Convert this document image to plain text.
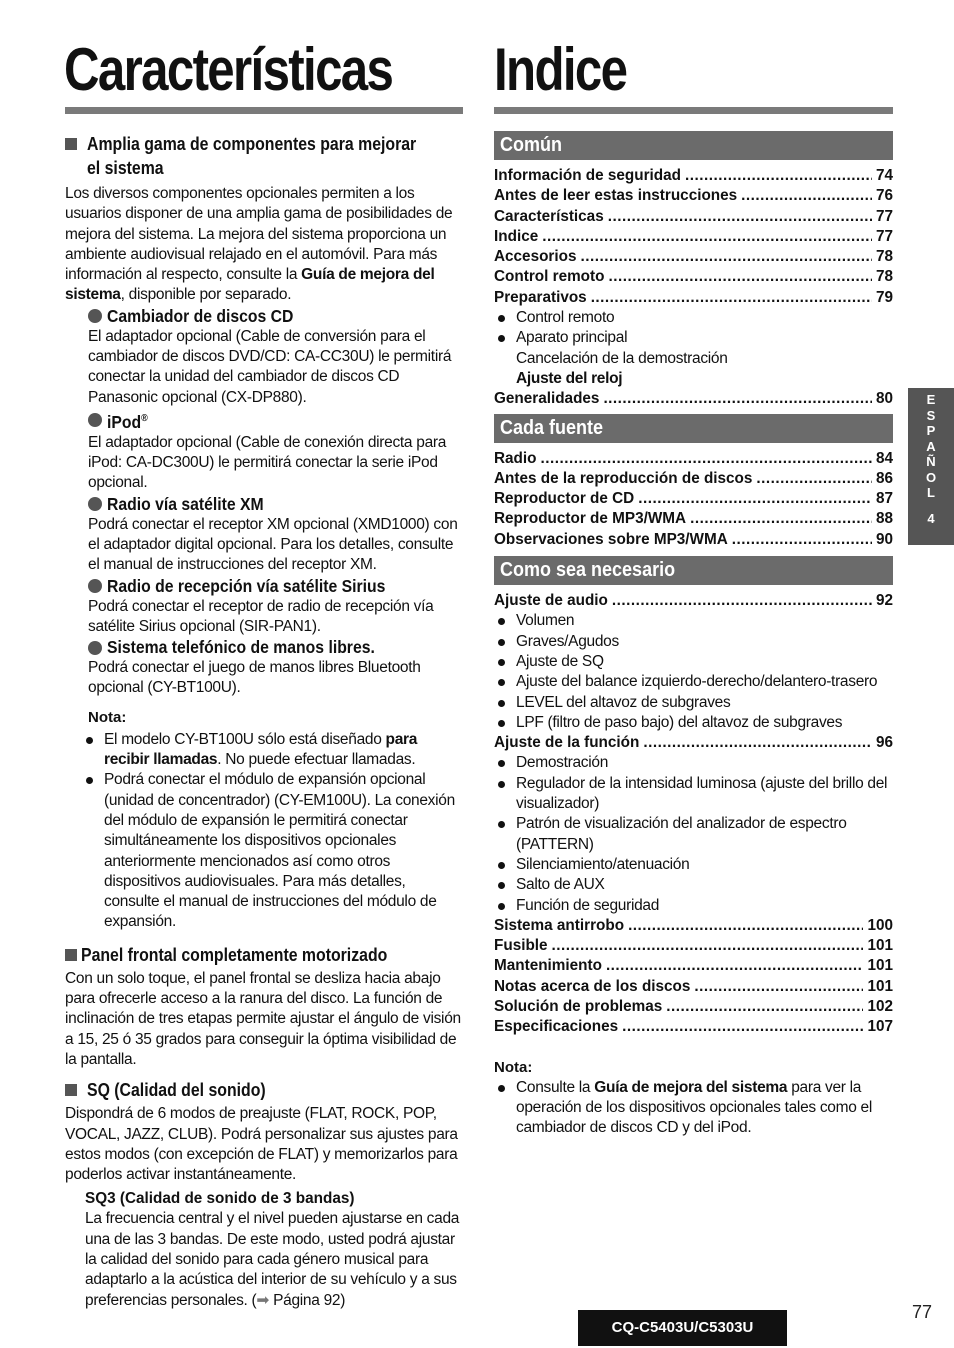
Características Indice
Amplia gama de componentes para mejorar el sistema
Los diversos componentes opcionales permiten a los usuarios disponer de una amplia gama de posibilidades de mejora del sistema. La mejora del sistema proporciona un ambiente audiovisual relajado en el automóvil. Para más información al respecto, consulte la Guía de mejora del sistema, disponible por separado.
Cambiador de discos CD
El adaptador opcional (Cable de conversión para el cambiador de discos DVD/CD: CA-CC30U) le permitirá conectar la unidad del cambiador de discos CD Panasonic opcional (CX-DP880).
iPod®
El adaptador opcional (Cable de conexión directa para iPod: CA-DC300U) le permitirá conectar la serie iPod opcional.
Radio vía satélite XM
Podrá conectar el receptor XM opcional (XMD1000) con el adaptador digital opcional. Para los detalles, consulte el manual de instrucciones del receptor XM.
Radio de recepción vía satélite Sirius
Podrá conectar el receptor de radio de recepción vía satélite Sirius opcional (SIR-PAN1).
Sistema telefónico de manos libres.
Podrá conectar el juego de manos libres Bluetooth opcional (CY-BT100U).
Nota:
El modelo CY-BT100U sólo está diseñado para recibir llamadas. No puede efectuar llamadas.
Podrá conectar el módulo de expansión opcional (unidad de concentrador) (CY-EM100U). La conexión del módulo de expansión le permitirá conectar simultáneamente los dispositivos opcionales anteriormente mencionados así como otros dispositivos audiovisuales. Para más detalles, consulte el manual de instrucciones del módulo de expansión.
Panel frontal completamente motorizado
Con un solo toque, el panel frontal se desliza hacia abajo para ofrecerle acceso a la ranura del disco. La función de inclinación de tres etapas permite ajustar el ángulo de visión a 15, 25 ó 35 grados para conseguir la óptima visibilidad de la pantalla.
SQ (Calidad del sonido)
Dispondrá de 6 modos de preajuste (FLAT, ROCK, POP, VOCAL, JAZZ, CLUB). Podrá personalizar sus ajustes para estos modos (con excepción de FLAT) y memorizarlos para poderlos activar instantáneamente.
SQ3 (Calidad de sonido de 3 bandas)
La frecuencia central y el nivel pueden ajustarse en cada una de las 3 bandas. De este modo, usted podrá ajustar la calidad del sonido para cada género musical para adaptarlo a la acústica del interior de su vehículo y a sus preferencias personales. (➡ Página 92)
Común
Información de seguridad .....	74
Antes de leer estas instrucciones .....	76
Características .....	77
Indice .....	77
Accesorios .....	78
Control remoto .....	78
Preparativos .....	79
Control remoto
Aparato principal
Cancelación de la demostración
Ajuste del reloj
Generalidades .....	80
Cada fuente
Radio .....	84
Antes de la reproducción de discos .....	86
Reproductor de CD .....	87
Reproductor de MP3/WMA .....	88
Observaciones sobre MP3/WMA .....	90
Como sea necesario
Ajuste de audio .....	92
Volumen
Graves/Agudos
Ajuste de SQ
Ajuste del balance izquierdo-derecho/delantero-trasero
LEVEL del altavoz de subgraves
LPF (filtro de paso bajo) del altavoz de subgraves
Ajuste de la función .....	96
Demostración
Regulador de la intensidad luminosa (ajuste del brillo del visualizador)
Patrón de visualización del analizador de espectro (PATTERN)
Silenciamiento/atenuación
Salto de AUX
Función de seguridad
Sistema antirrobo .....	100
Fusible .....	101
Mantenimiento .....	101
Notas acerca de los discos .....	101
Solución de problemas .....	102
Especificaciones .....	107
Nota:
Consulte la Guía de mejora del sistema para ver la operación de los dispositivos opcionales tales como el cambiador de discos CD y del iPod.
E
S
P
A
Ñ
O
L
4
CQ-C5403U/C5303U
77
